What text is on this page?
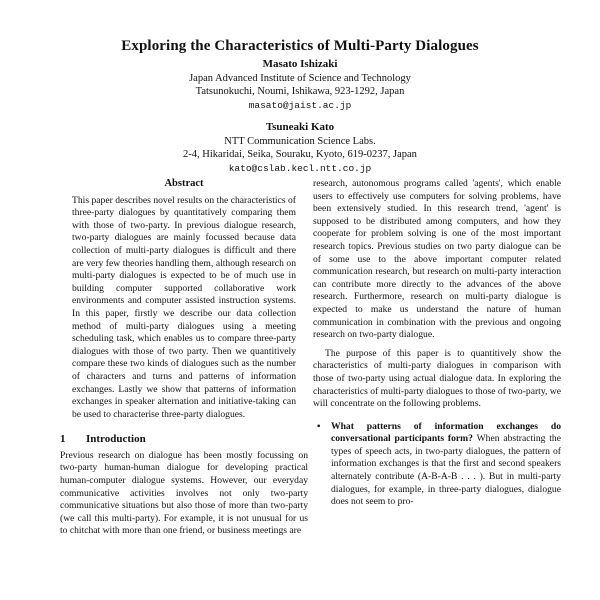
Exploring the Characteristics of Multi-Party Dialogues
Masato Ishizaki
Japan Advanced Institute of Science and Technology
Tatsunokuchi, Noumi, Ishikawa, 923-1292, Japan
masato@jaist.ac.jp
Tsuneaki Kato
NTT Communication Science Labs.
2-4, Hikaridai, Seika, Souraku, Kyoto, 619-0237, Japan
kato@cslab.kecl.ntt.co.jp
Abstract

This paper describes novel results on the characteristics of three-party dialogues by quantitatively comparing them with those of two-party. In previous dialogue research, two-party dialogues are mainly focussed because data collection of multi-party dialogues is difficult and there are very few theories handling them, although research on multi-party dialogues is expected to be of much use in building computer supported collaborative work environments and computer assisted instruction systems. In this paper, firstly we describe our data collection method of multi-party dialogues using a meeting scheduling task, which enables us to compare three-party dialogues with those of two party. Then we quantitively compare these two kinds of dialogues such as the number of characters and turns and patterns of information exchanges. Lastly we show that patterns of information exchanges in speaker alternation and initiative-taking can be used to characterise three-party dialogues.

1 Introduction

Previous research on dialogue has been mostly focussing on two-party human-human dialogue for developing practical human-computer dialogue systems. However, our everyday communicative activities involves not only two-party communicative situations but also those of more than two-party (we call this multi-party). For example, it is not unusual for us to chitchat with more than one friend, or business meetings are

research, autonomous programs called 'agents', which enable users to effectively use computers for solving problems, have been extensively studied. In this research trend, 'agent' is supposed to be distributed among computers, and how they cooperate for problem solving is one of the most important research topics. Previous studies on two party dialogue can be of some use to the above important computer related communication research, but research on multi-party interaction can contribute more directly to the advances of the above research. Furthermore, research on multi-party dialogue is expected to make us understand the nature of human communication in combination with the previous and ongoing research on two-party dialogue.

The purpose of this paper is to quantitively show the characteristics of multi-party dialogues in comparison with those of two-party using actual dialogue data. In exploring the characteristics of multi-party dialogues to those of two-party, we will concentrate on the following problems.

•	What patterns of information exchanges do conversational participants form? When abstracting the types of speech acts, in two-party dialogues, the pattern of information exchanges is that the first and second speakers alternately contribute (A-B-A-B . . . ). But in multi-party dialogues, for example, in three-party dialogues, dialogue does not seem to pro-
